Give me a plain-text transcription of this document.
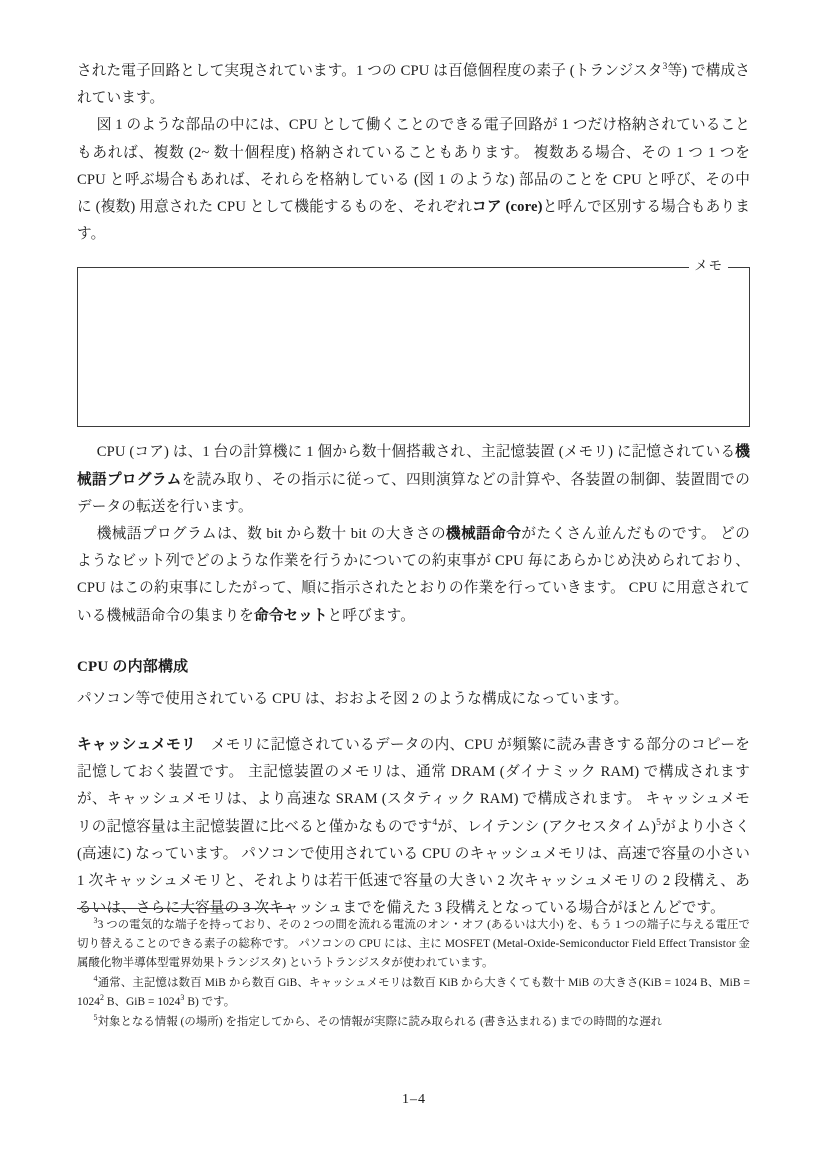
された電子回路として実現されています。1 つの CPU は百億個程度の素子 (トランジスタ$^3$等) で構成されています。

図 1 のような部品の中には、CPU として働くことのできる電子回路が 1 つだけ格納されていることもあれば、複数 (2~ 数十個程度) 格納されていることもあります。 複数ある場合、その 1 つ 1 つを CPU と呼ぶ場合もあれば、それらを格納している (図 1 のような) 部品のことを CPU と呼び、その中に (複数) 用意された CPU として機能するものを、それぞれコア (core)と呼んで区別する場合もあります。

メモ

CPU (コア) は、1 台の計算機に 1 個から数十個搭載され、主記憶装置 (メモリ) に記憶されている機械語プログラムを読み取り、その指示に従って、四則演算などの計算や、各装置の制御、装置間でのデータの転送を行います。

機械語プログラムは、数 bit から数十 bit の大きさの機械語命令がたくさん並んだものです。 どのようなビット列でどのような作業を行うかについての約束事が CPU 毎にあらかじめ決められており、CPU はこの約束事にしたがって、順に指示されたとおりの作業を行っていきます。 CPU に用意されている機械語命令の集まりを命令セットと呼びます。

CPU の内部構成

パソコン等で使用されている CPU は、おおよそ図 2 のような構成になっています。

キャッシュメモリ　 メモリに記憶されているデータの内、CPU が頻繁に読み書きする部分のコピーを記憶しておく装置です。 主記憶装置のメモリは、通常 DRAM (ダイナミック RAM) で構成されますが、キャッシュメモリは、より高速な SRAM (スタティック RAM) で構成されます。 キャッシュメモリの記憶容量は主記憶装置に比べると僅かなものです$^4$が、レイテンシ (アクセスタイム)$^5$がより小さく (高速に) なっています。 パソコンで使用されている CPU のキャッシュメモリは、高速で容量の小さい 1 次キャッシュメモリと、それよりは若干低速で容量の大きい 2 次キャッシュメモリの 2 段構え、あるいは、さらに大容量の 3 次キャッシュまでを備えた 3 段構えとなっている場合がほとんどです。

$^3$3 つの電気的な端子を持っており、その 2 つの間を流れる電流のオン・オフ (あるいは大小) を、もう 1 つの端子に与える電圧で切り替えることのできる素子の総称です。 パソコンの CPU には、主に MOSFET (Metal-Oxide-Semiconductor Field Effect Transistor 金属酸化物半導体型電界効果トランジスタ) というトランジスタが使われています。

$^4$通常、主記憶は数百 MiB から数百 GiB、キャッシュメモリは数百 KiB から大きくても数十 MiB の大きさ(KiB = 1024 B、MiB = $1024^2$ B、GiB = $1024^3$ B) です。

$^5$対象となる情報 (の場所) を指定してから、その情報が実際に読み取られる (書き込まれる) までの時間的な遅れ

1–4
